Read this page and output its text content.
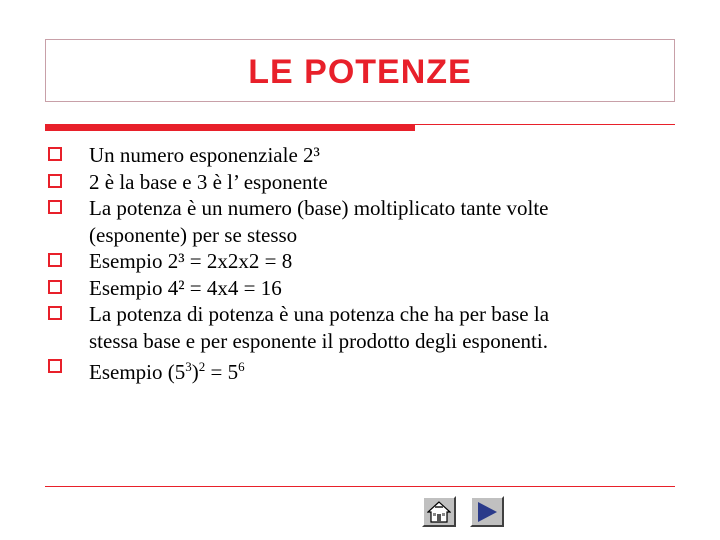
LE POTENZE
Un numero esponenziale 2³
2 è la base e 3 è l’ esponente
La potenza è un numero (base) moltiplicato tante volte
(esponente) per se stesso
Esempio 2³ = 2x2x2 = 8
Esempio 4² = 4x4 = 16
La potenza di potenza è una potenza che ha per base la
stessa base e per esponente il prodotto degli esponenti.
Esempio $(5^3)^2 = 5^6$
